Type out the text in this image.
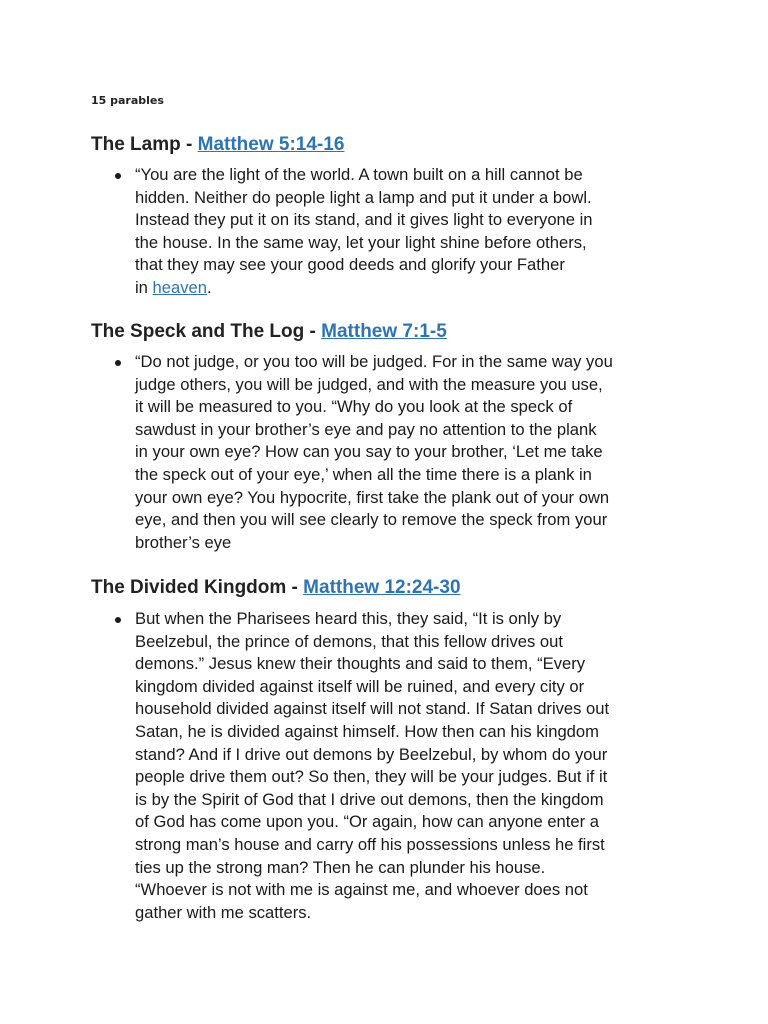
15 parables

The Lamp - Matthew 5:14-16
“You are the light of the world. A town built on a hill cannot be
hidden. Neither do people light a lamp and put it under a bowl.
Instead they put it on its stand, and it gives light to everyone in
the house. In the same way, let your light shine before others,
that they may see your good deeds and glorify your Father
in heaven.
The Speck and The Log - Matthew 7:1-5
“Do not judge, or you too will be judged. For in the same way you
judge others, you will be judged, and with the measure you use,
it will be measured to you. “Why do you look at the speck of
sawdust in your brother’s eye and pay no attention to the plank
in your own eye? How can you say to your brother, ‘Let me take
the speck out of your eye,’ when all the time there is a plank in
your own eye? You hypocrite, first take the plank out of your own
eye, and then you will see clearly to remove the speck from your
brother’s eye
The Divided Kingdom - Matthew 12:24-30
But when the Pharisees heard this, they said, “It is only by
Beelzebul, the prince of demons, that this fellow drives out
demons.” Jesus knew their thoughts and said to them, “Every
kingdom divided against itself will be ruined, and every city or
household divided against itself will not stand. If Satan drives out
Satan, he is divided against himself. How then can his kingdom
stand? And if I drive out demons by Beelzebul, by whom do your
people drive them out? So then, they will be your judges. But if it
is by the Spirit of God that I drive out demons, then the kingdom
of God has come upon you. “Or again, how can anyone enter a
strong man’s house and carry off his possessions unless he first
ties up the strong man? Then he can plunder his house.
“Whoever is not with me is against me, and whoever does not
gather with me scatters.
